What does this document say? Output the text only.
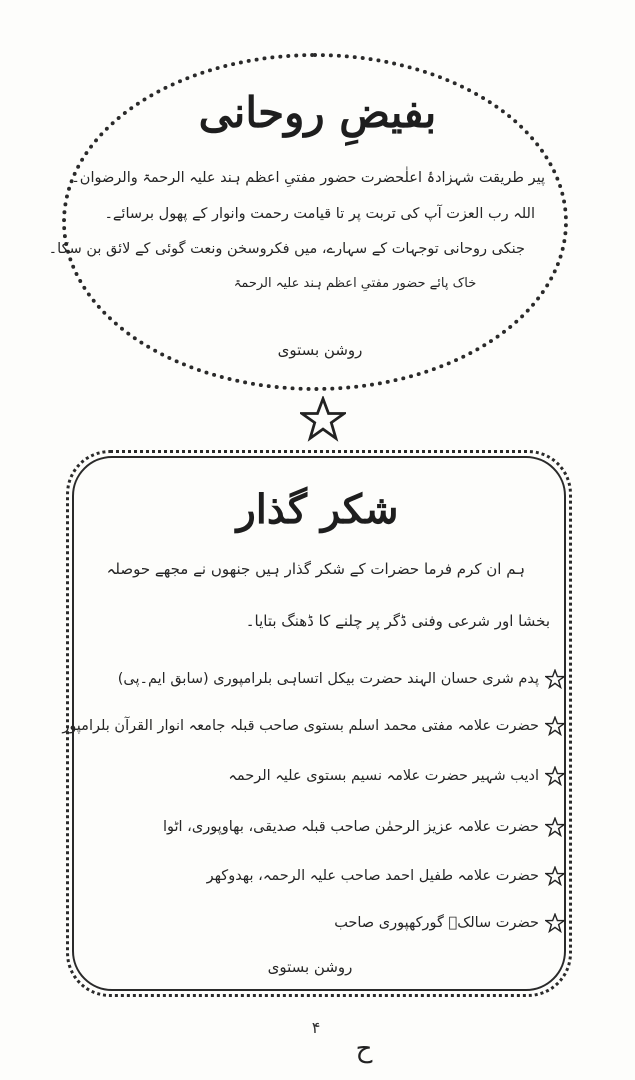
بفیضِ روحانی
پیر طریقت شہزادۂ اعلٰحضرت حضور مفتیِ اعظم ہند علیہ الرحمۃ والرضوان۔
اللہ رب العزت آپ کی تربت پر تا قیامت رحمت وانوار کے پھول برسائے۔
جنکی روحانی توجہات کے سہارے، میں فکروسخن ونعت گوئی کے لائق بن سکا۔
خاک پائے حضور مفتیِ اعظم ہند علیہ الرحمۃ
روشن بستوی
شکر گذار
ہم ان کرم فرما حضرات کے شکر گذار ہیں جنھوں نے مجھے حوصلہ
بخشا اور شرعی وفنی ڈگر پر چلنے کا ڈھنگ بتایا۔
پدم شری حسان الہند حضرت بیکل اتساہی بلرامپوری (سابق ایم۔پی)
حضرت علامہ مفتی محمد اسلم بستوی صاحب قبلہ جامعہ انوار القرآن بلرامپور
ادیب شہیر حضرت علامہ نسیم بستوی علیہ الرحمہ
حضرت علامہ عزیز الرحمٰن صاحب قبلہ صدیقی، بھاوپوری، اٹوا
حضرت علامہ طفیل احمد صاحب علیہ الرحمہ، بھدوکھر
حضرت سالکؔ گورکھپوری صاحب
روشن بستوی
۴
ح
